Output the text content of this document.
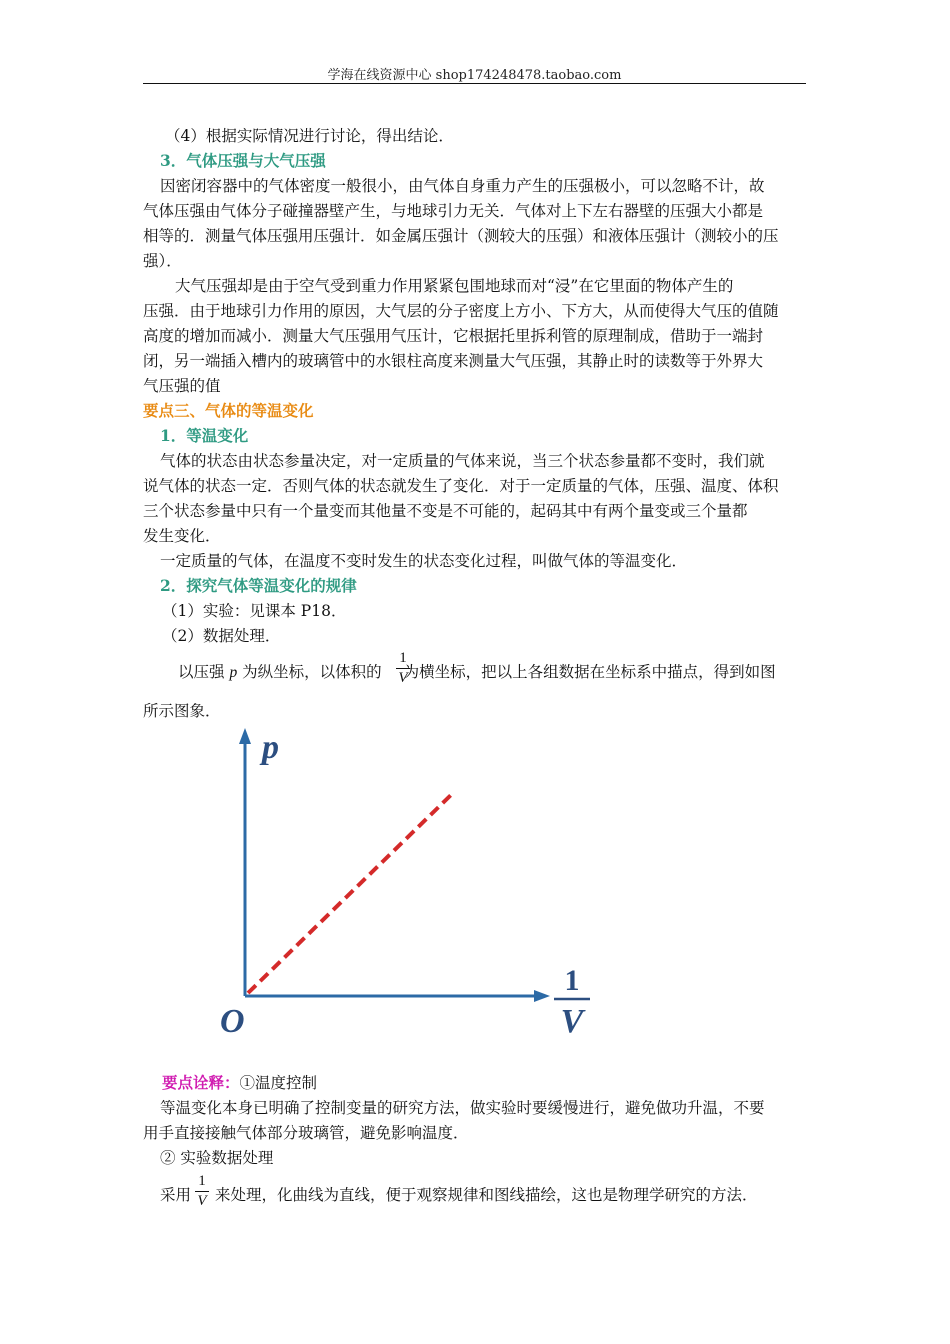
学海在线资源中心 shop174248478.taobao.com
（4）根据实际情况进行讨论，得出结论．
3．气体压强与大气压强
因密闭容器中的气体密度一般很小，由气体自身重力产生的压强极小，可以忽略不计，故
气体压强由气体分子碰撞器壁产生，与地球引力无关．气体对上下左右器壁的压强大小都是
相等的．测量气体压强用压强计．如金属压强计（测较大的压强）和液体压强计（测较小的压
强）．
大气压强却是由于空气受到重力作用紧紧包围地球而对“浸”在它里面的物体产生的
压强．由于地球引力作用的原因，大气层的分子密度上方小、下方大，从而使得大气压的值随
高度的增加而减小．测量大气压强用气压计，它根据托里拆利管的原理制成，借助于一端封
闭，另一端插入槽内的玻璃管中的水银柱高度来测量大气压强，其静止时的读数等于外界大
气压强的值
要点三、气体的等温变化
1．等温变化
气体的状态由状态参量决定，对一定质量的气体来说，当三个状态参量都不变时，我们就
说气体的状态一定．否则气体的状态就发生了变化．对于一定质量的气体，压强、温度、体积
三个状态参量中只有一个量变而其他量不变是不可能的，起码其中有两个量变或三个量都
发生变化．
一定质量的气体，在温度不变时发生的状态变化过程，叫做气体的等温变化．
2．探究气体等温变化的规律
（1）实验：见课本 P18．
（2）数据处理．
以压强 p 为纵坐标，以体积的 为横坐标，把以上各组数据在坐标系中描点，得到如图
1
V
所示图象．
p
O
1
V
要点诠释：①温度控制
等温变化本身已明确了控制变量的研究方法，做实验时要缓慢进行，避免做功升温，不要
用手直接接触气体部分玻璃管，避免影响温度．
② 实验数据处理
采用 来处理，化曲线为直线，便于观察规律和图线描绘，这也是物理学研究的方法．
1
V
